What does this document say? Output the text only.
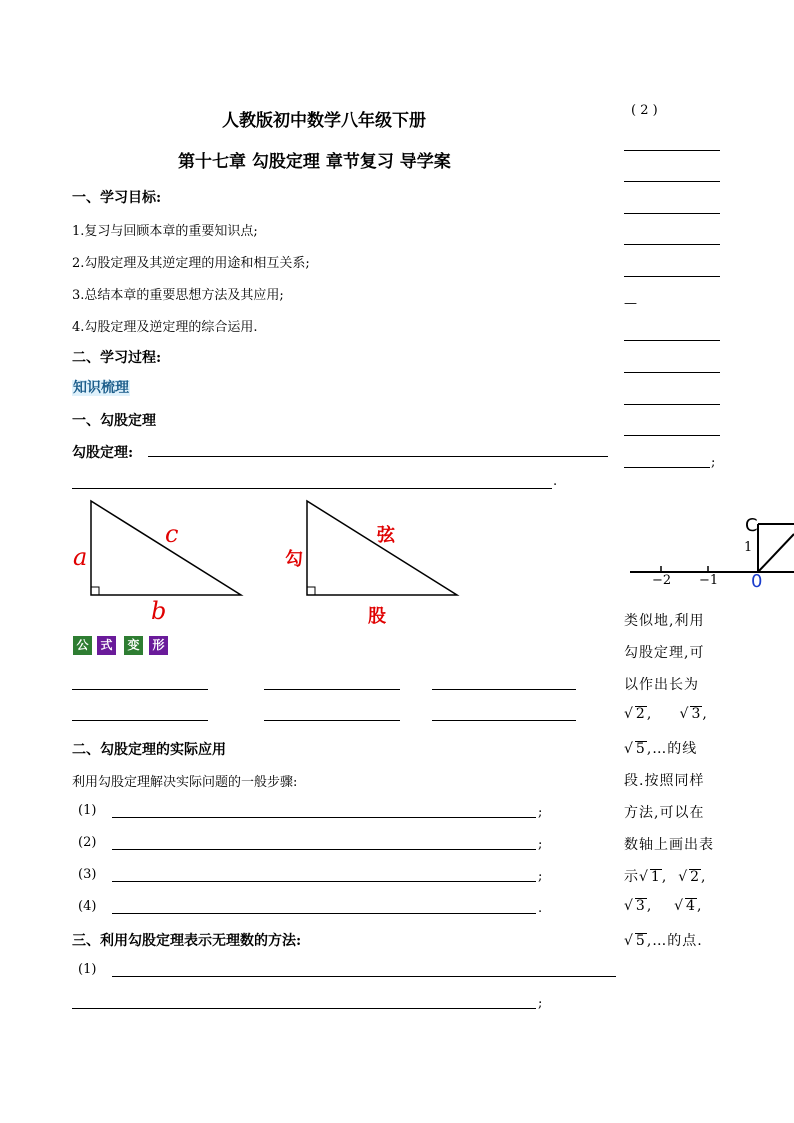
( 2 )
人教版初中数学八年级下册
第十七章 勾股定理 章节复习 导学案
一、学习目标:
1.复习与回顾本章的重要知识点;
2.勾股定理及其逆定理的用途和相互关系;
3.总结本章的重要思想方法及其应用;
4.勾股定理及逆定理的综合运用.
二、学习过程:
知识梳理
一、勾股定理
勾股定理:
.
a
c
b
勾
弦
股
公 式 变 形
二、勾股定理的实际应用
利用勾股定理解决实际问题的一般步骤:
(1)	;
(2)	;
(3)	;
(4)	.
三、利用勾股定理表示无理数的方法:
(1)
;
—
;
C
1
−2 −1 0
类似地,利用
勾股定理,可
以作出长为
√ 2,     √ 3,
√ 5,…的线
段.按照同样
方法,可以在
数轴上画出表
示√ 1,  √ 2,
√ 3,    √ 4,
√ 5,…的点.
